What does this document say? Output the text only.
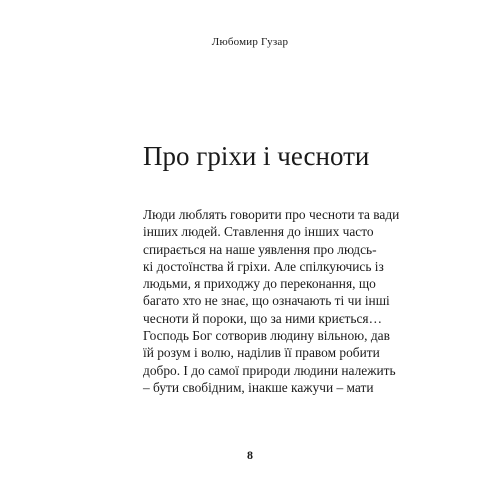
Любомир Гузар
Про гріхи і чесноти
Люди люблять говорити про чесноти та вади
інших людей. Ставлення до інших часто
спирається на наше уявлення про людсь-
кі достоїнства й гріхи. Але спілкуючись із
людьми, я приходжу до переконання, що
багато хто не знає, що означають ті чи інші
чесноти й пороки, що за ними криється…
Господь Бог сотворив людину вільною, дав
їй розум і волю, наділив її правом робити
добро. І до самої природи людини належить
– бути свобідним, інакше кажучи – мати
8
